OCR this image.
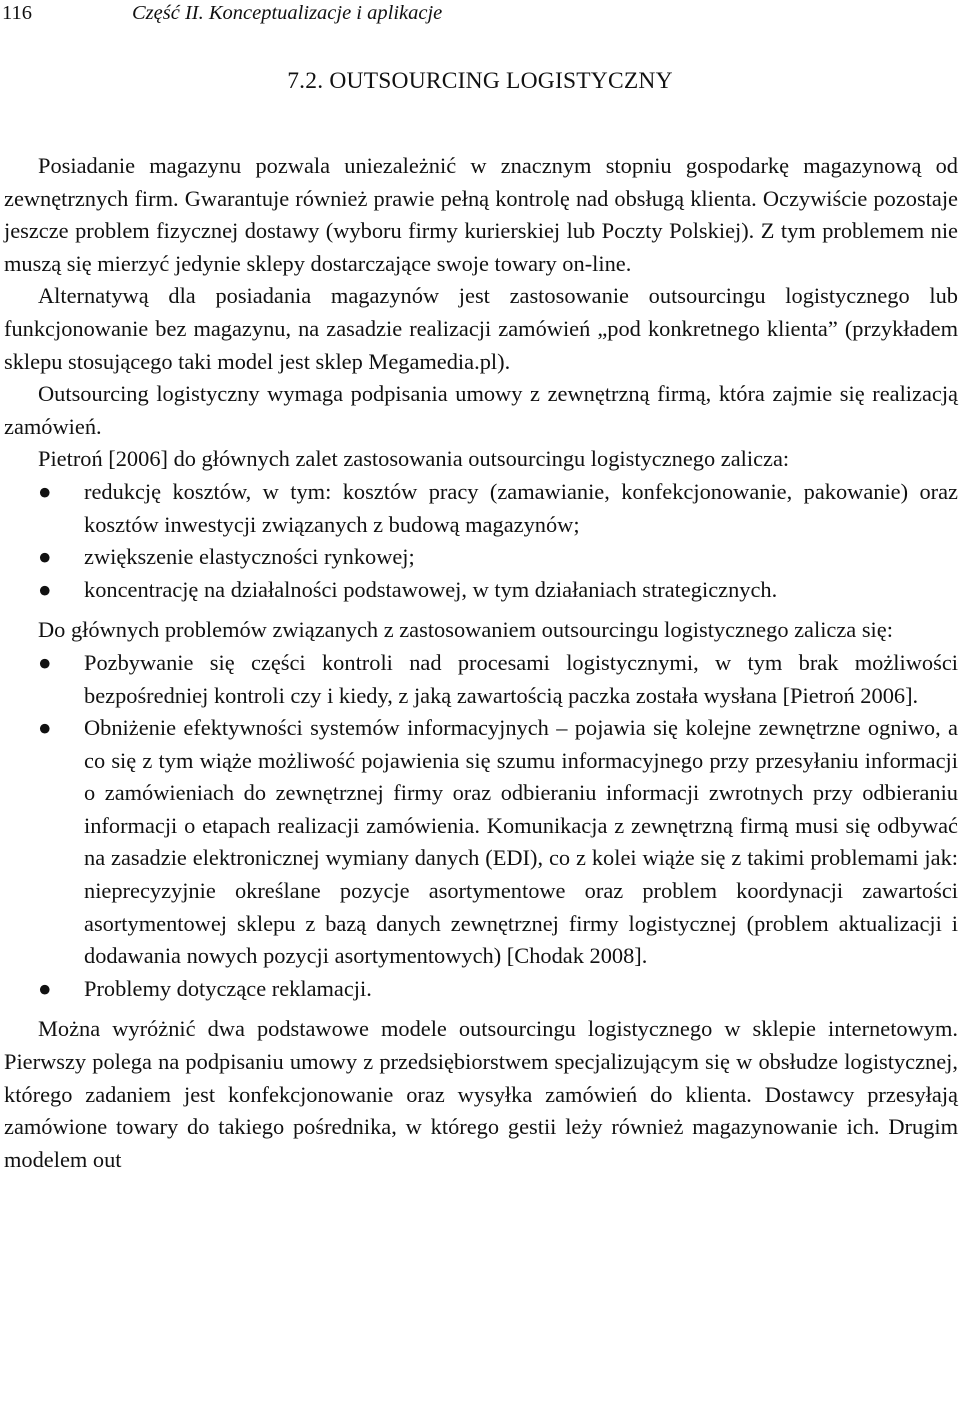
116	Część II. Konceptualizacje i aplikacje
7.2. OUTSOURCING LOGISTYCZNY

Posiadanie magazynu pozwala uniezależnić w znacznym stopniu gospodarkę magazynową od zewnętrznych firm. Gwarantuje również prawie pełną kontrolę nad obsługą klienta. Oczywiście pozostaje jeszcze problem fizycznej dostawy (wyboru firmy kurierskiej lub Poczty Polskiej). Z tym problemem nie muszą się mierzyć jedynie sklepy dostarczające swoje towary on-line.

Alternatywą dla posiadania magazynów jest zastosowanie outsourcingu logistycznego lub funkcjonowanie bez magazynu, na zasadzie realizacji zamówień „pod konkretnego klienta” (przykładem sklepu stosującego taki model jest sklep Megamedia.pl).

Outsourcing logistyczny wymaga podpisania umowy z zewnętrzną firmą, która zajmie się realizacją zamówień.

Pietroń [2006] do głównych zalet zastosowania outsourcingu logistycznego zalicza:

● redukcję kosztów, w tym: kosztów pracy (zamawianie, konfekcjonowanie, pakowanie) oraz kosztów inwestycji związanych z budową magazynów;
● zwiększenie elastyczności rynkowej;
● koncentrację na działalności podstawowej, w tym działaniach strategicznych.

Do głównych problemów związanych z zastosowaniem outsourcingu logistycznego zalicza się:

● Pozbywanie się części kontroli nad procesami logistycznymi, w tym brak możliwości bezpośredniej kontroli czy i kiedy, z jaką zawartością paczka została wysłana [Pietroń 2006].
● Obniżenie efektywności systemów informacyjnych – pojawia się kolejne zewnętrzne ogniwo, a co się z tym wiąże możliwość pojawienia się szumu informacyjnego przy przesyłaniu informacji o zamówieniach do zewnętrznej firmy oraz odbieraniu informacji zwrotnych przy odbieraniu informacji o etapach realizacji zamówienia. Komunikacja z zewnętrzną firmą musi się odbywać na zasadzie elektronicznej wymiany danych (EDI), co z kolei wiąże się z takimi problemami jak: nieprecyzyjnie określane pozycje asortymentowe oraz problem koordynacji zawartości asortymentowej sklepu z bazą danych zewnętrznej firmy logistycznej (problem aktualizacji i dodawania nowych pozycji asortymentowych) [Chodak 2008].
● Problemy dotyczące reklamacji.

Można wyróżnić dwa podstawowe modele outsourcingu logistycznego w sklepie internetowym. Pierwszy polega na podpisaniu umowy z przedsiębiorstwem specjalizującym się w obsłudze logistycznej, którego zadaniem jest konfekcjonowanie oraz wysyłka zamówień do klienta. Dostawcy przesyłają zamówione towary do takiego pośrednika, w którego gestii leży również magazynowanie ich. Drugim modelem out
